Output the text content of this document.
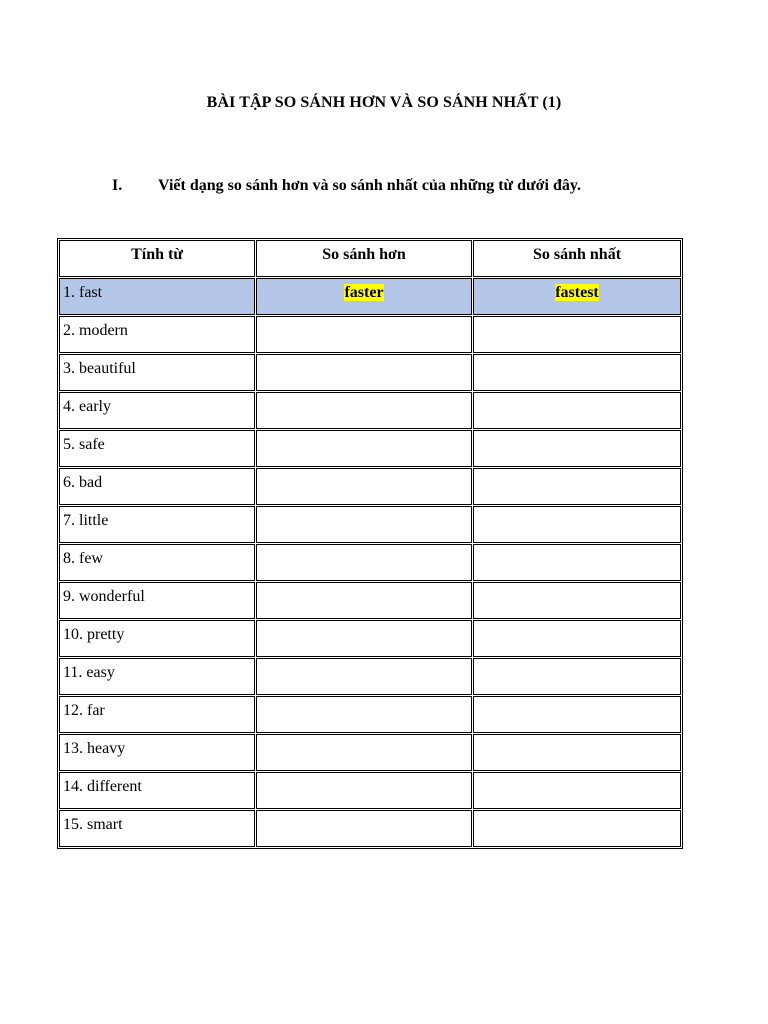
BÀI TẬP SO SÁNH HƠN VÀ SO SÁNH NHẤT (1)
I. Viết dạng so sánh hơn và so sánh nhất của những từ dưới đây.
Tính từ	So sánh hơn	So sánh nhất
1. fast	faster	fastest
2. modern		
3. beautiful		
4. early		
5. safe		
6. bad		
7. little		
8. few		
9. wonderful		
10. pretty		
11. easy		
12. far		
13. heavy		
14. different		
15. smart		
